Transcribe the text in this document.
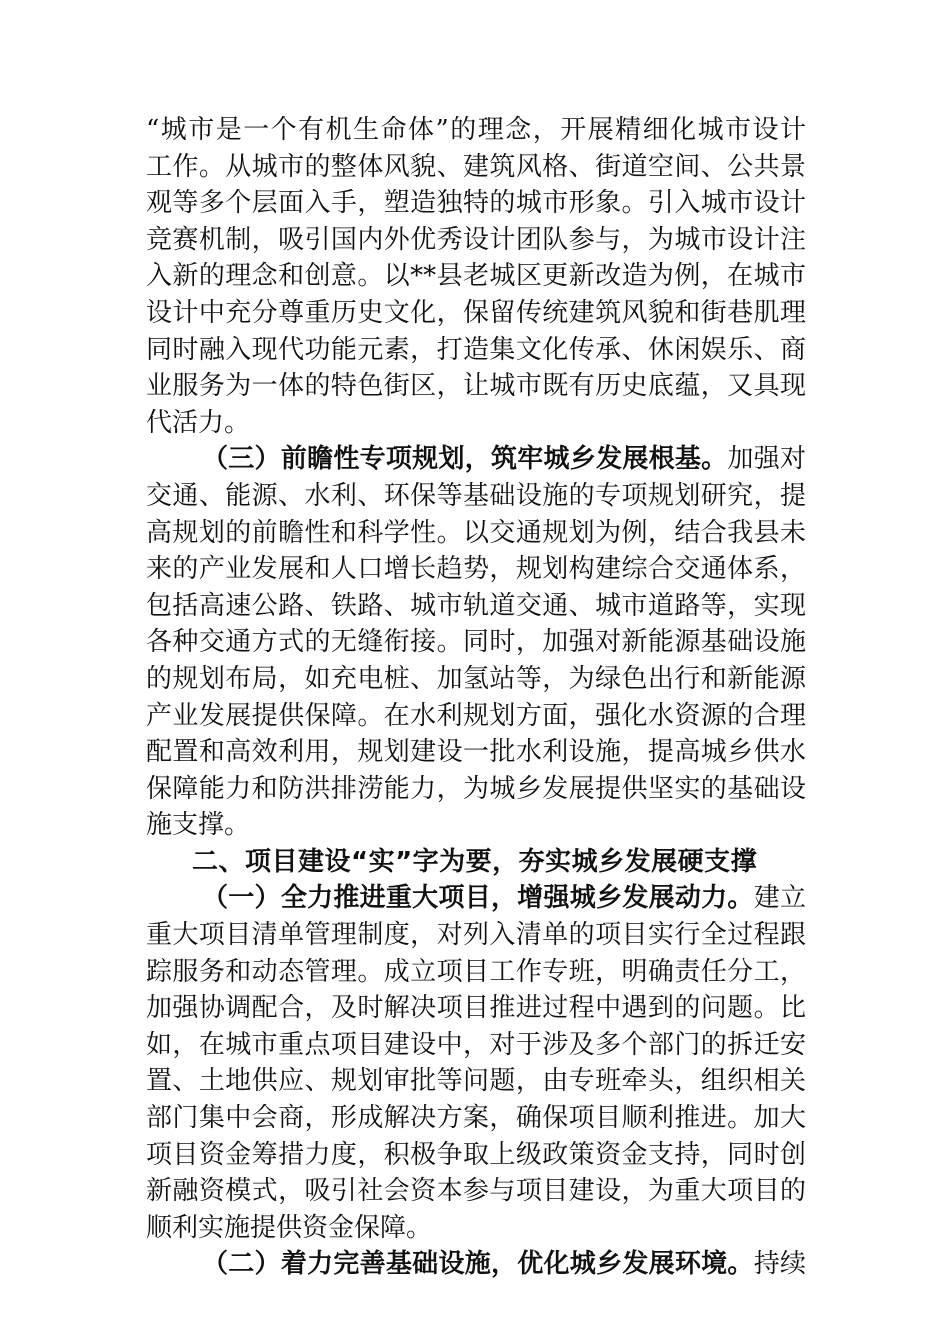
“城市是一个有机生命体”的理念，开展精细化城市设计
工作。从城市的整体风貌、建筑风格、街道空间、公共景
观等多个层面入手，塑造独特的城市形象。引入城市设计
竞赛机制，吸引国内外优秀设计团队参与，为城市设计注
入新的理念和创意。以**县老城区更新改造为例，在城市
设计中充分尊重历史文化，保留传统建筑风貌和街巷肌理
同时融入现代功能元素，打造集文化传承、休闲娱乐、商
业服务为一体的特色街区，让城市既有历史底蕴，又具现
代活力。
（三）前瞻性专项规划，筑牢城乡发展根基。加强对
交通、能源、水利、环保等基础设施的专项规划研究，提
高规划的前瞻性和科学性。以交通规划为例，结合我县未
来的产业发展和人口增长趋势，规划构建综合交通体系，
包括高速公路、铁路、城市轨道交通、城市道路等，实现
各种交通方式的无缝衔接。同时，加强对新能源基础设施
的规划布局，如充电桩、加氢站等，为绿色出行和新能源
产业发展提供保障。在水利规划方面，强化水资源的合理
配置和高效利用，规划建设一批水利设施，提高城乡供水
保障能力和防洪排涝能力，为城乡发展提供坚实的基础设
施支撑。
二、项目建设“实”字为要，夯实城乡发展硬支撑
（一）全力推进重大项目，增强城乡发展动力。建立
重大项目清单管理制度，对列入清单的项目实行全过程跟
踪服务和动态管理。成立项目工作专班，明确责任分工，
加强协调配合，及时解决项目推进过程中遇到的问题。比
如，在城市重点项目建设中，对于涉及多个部门的拆迁安
置、土地供应、规划审批等问题，由专班牵头，组织相关
部门集中会商，形成解决方案，确保项目顺利推进。加大
项目资金筹措力度，积极争取上级政策资金支持，同时创
新融资模式，吸引社会资本参与项目建设，为重大项目的
顺利实施提供资金保障。
（二）着力完善基础设施，优化城乡发展环境。持续
